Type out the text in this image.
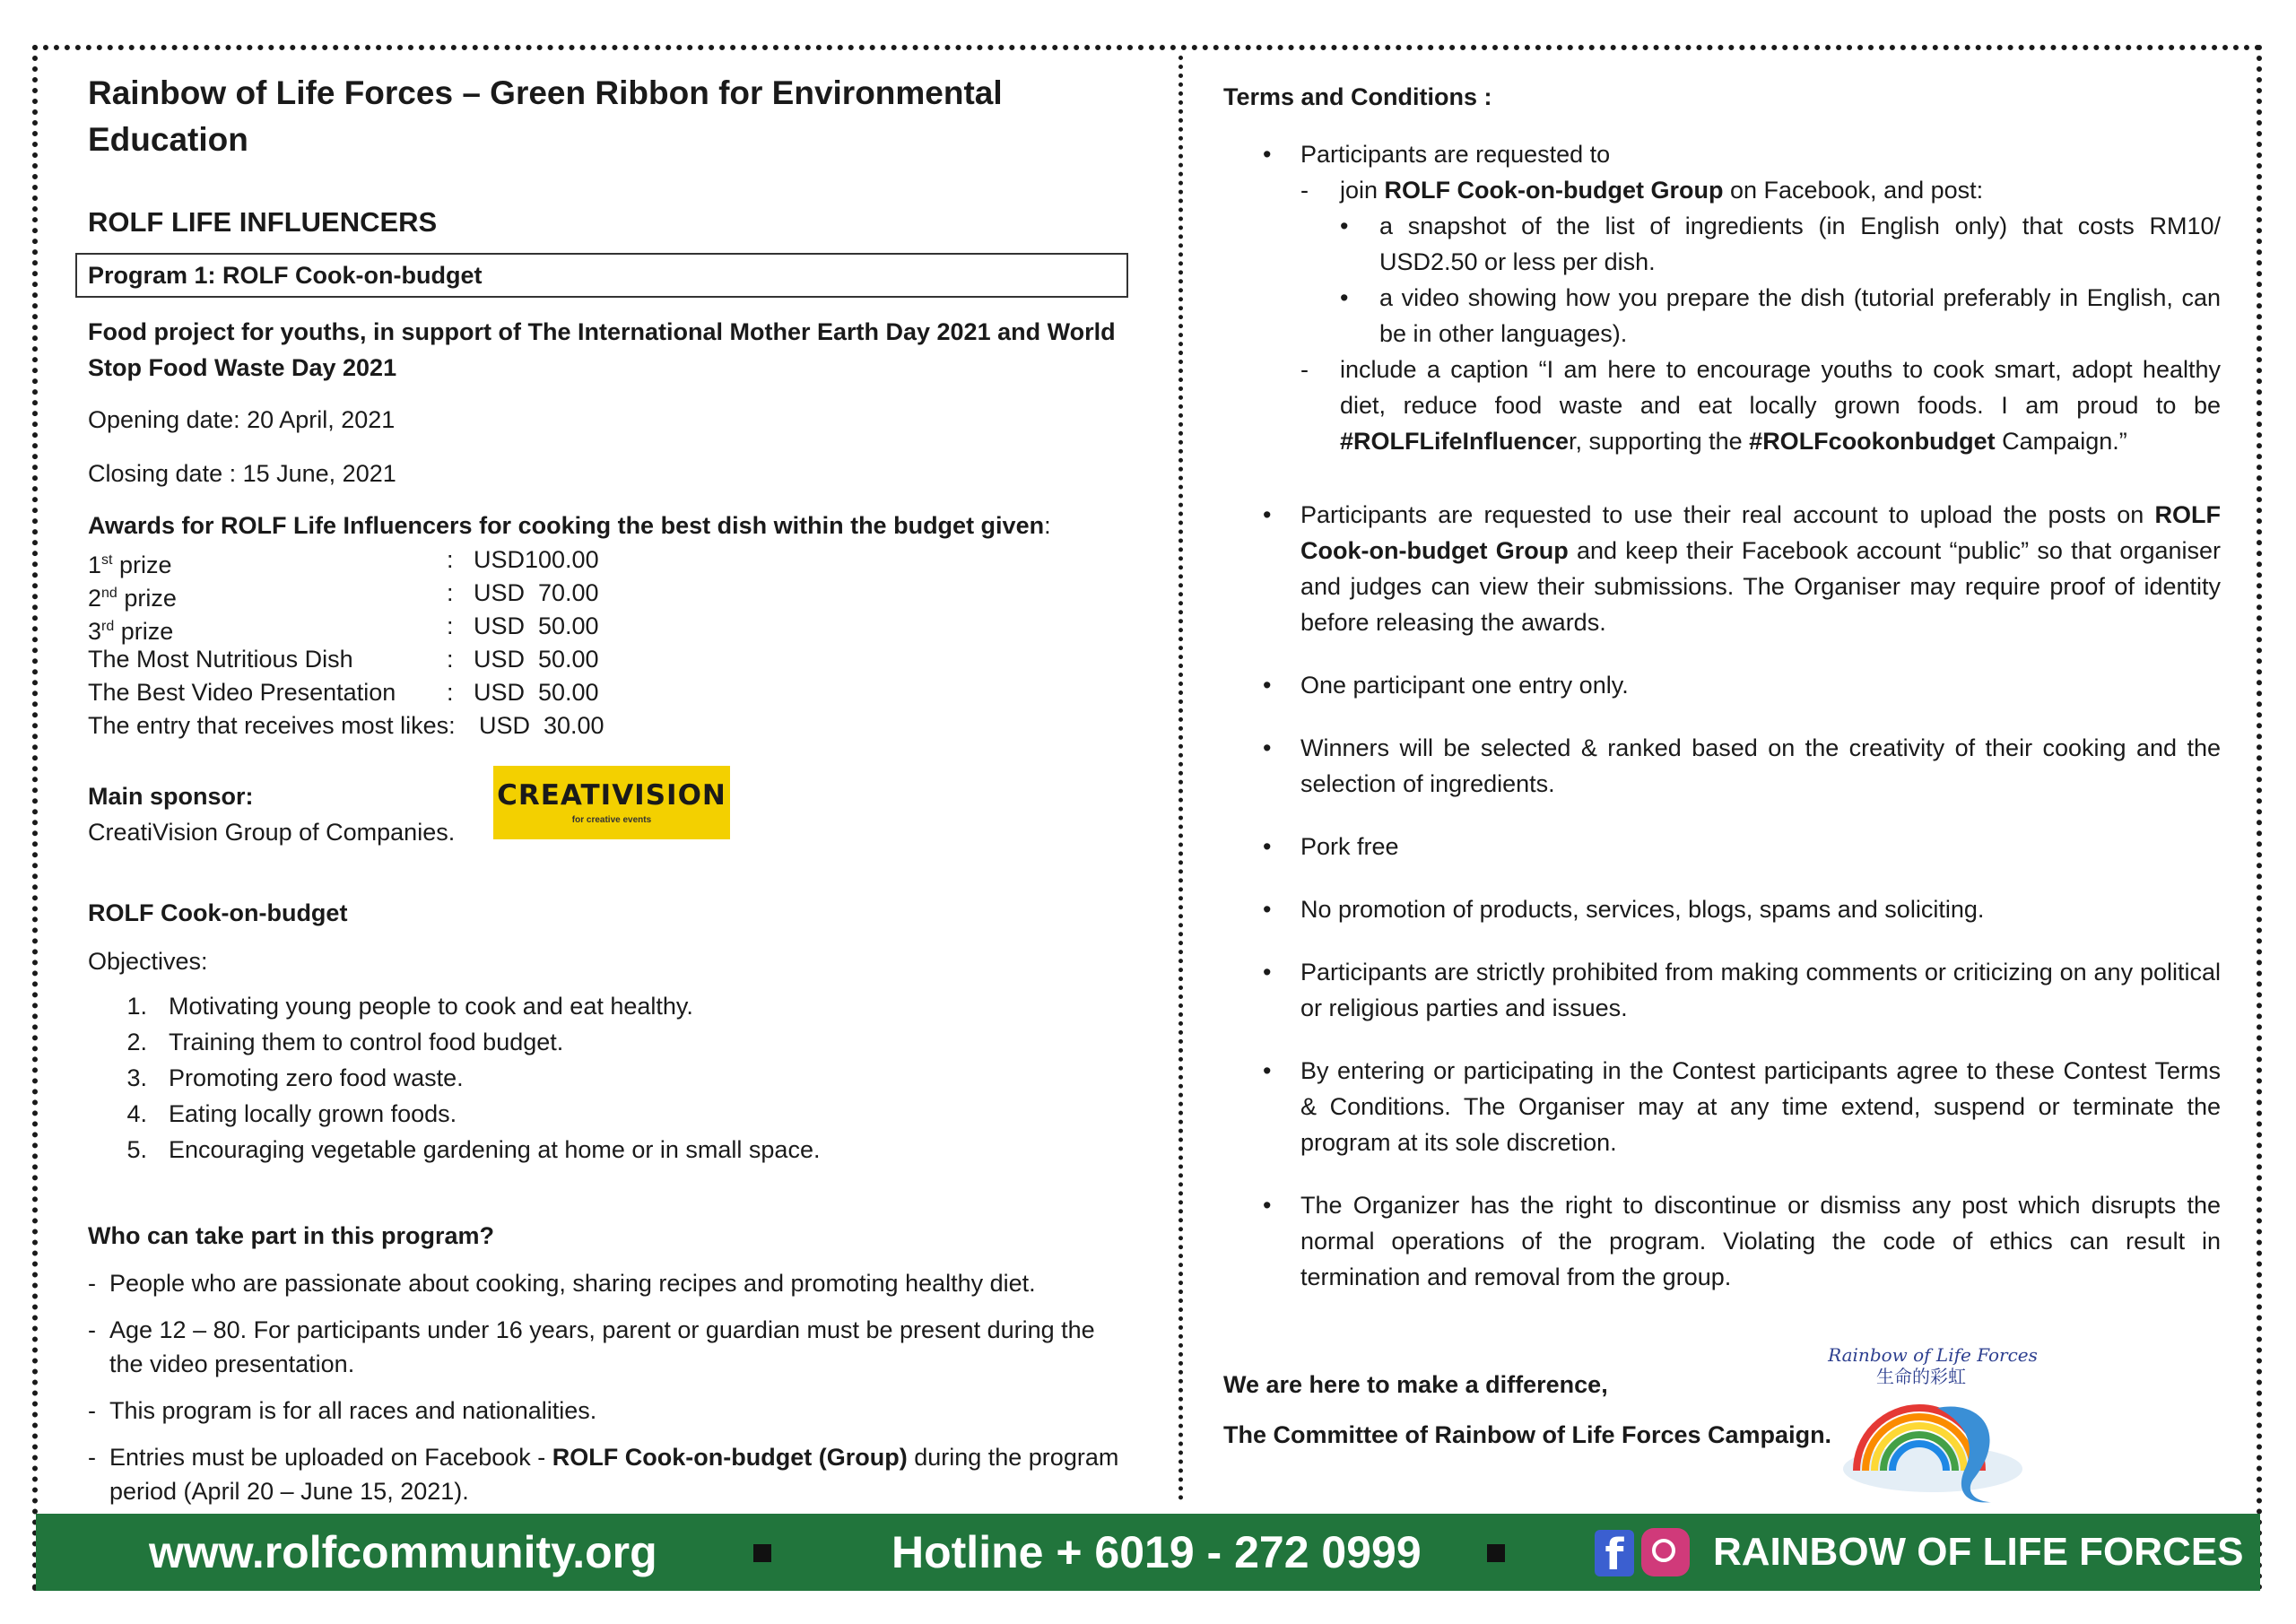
Rainbow of Life Forces – Green Ribbon for Environmental Education
ROLF LIFE INFLUENCERS
Program 1: ROLF Cook-on-budget
Food project for youths, in support of The International Mother Earth Day 2021 and World Stop Food Waste Day 2021
Opening date: 20 April, 2021
Closing date : 15 June, 2021
Awards for ROLF Life Influencers for cooking the best dish within the budget given:
1st prize	: USD100.00
2nd prize	: USD  70.00
3rd prize	: USD  50.00
The Most Nutritious Dish	: USD  50.00
The Best Video Presentation	: USD  50.00
The entry that receives most likes: USD  30.00
Main sponsor:
CreatiVision Group of Companies.
CREATIVISION
for creative events
ROLF Cook-on-budget
Objectives:
1. Motivating young people to cook and eat healthy.
2. Training them to control food budget.
3. Promoting zero food waste.
4. Eating locally grown foods.
5. Encouraging vegetable gardening at home or in small space.
Who can take part in this program?
- People who are passionate about cooking, sharing recipes and promoting healthy diet.
- Age 12 – 80. For participants under 16 years, parent or guardian must be present during the the video presentation.
- This program is for all races and nationalities.
- Entries must be uploaded on Facebook - ROLF Cook-on-budget (Group) during the program period (April 20 – June 15, 2021).
Terms and Conditions :
•	Participants are requested to
-	join ROLF Cook-on-budget Group on Facebook, and post:
•	a snapshot of the list of ingredients (in English only) that costs RM10/ USD2.50 or less per dish.
•	a video showing how you prepare the dish (tutorial preferably in English, can be in other languages).
-	include a caption “I am here to encourage youths to cook smart, adopt healthy diet, reduce food waste and eat locally grown foods. I am proud to be #ROLFLifeInfluencer, supporting the #ROLFcookonbudget Campaign.”
•	Participants are requested to use their real account to upload the posts on ROLF Cook-on-budget Group and keep their Facebook account “public” so that organiser and judges can view their submissions. The Organiser may require proof of identity before releasing the awards.
•	One participant one entry only.
•	Winners will be selected & ranked based on the creativity of their cooking and the selection of ingredients.
•	Pork free
•	No promotion of products, services, blogs, spams and soliciting.
•	Participants are strictly prohibited from making comments or criticizing on any political or religious parties and issues.
•	By entering or participating in the Contest participants agree to these Contest Terms & Conditions. The Organiser may at any time extend, suspend or terminate the program at its sole discretion.
•	The Organizer has the right to discontinue or dismiss any post which disrupts the normal operations of the program. Violating the code of ethics can result in termination and removal from the group.
We are here to make a difference,
The Committee of Rainbow of Life Forces Campaign.
Rainbow of Life Forces
生命的彩虹
www.rolfcommunity.org	Hotline + 6019 - 272 0999	f RAINBOW OF LIFE FORCES
